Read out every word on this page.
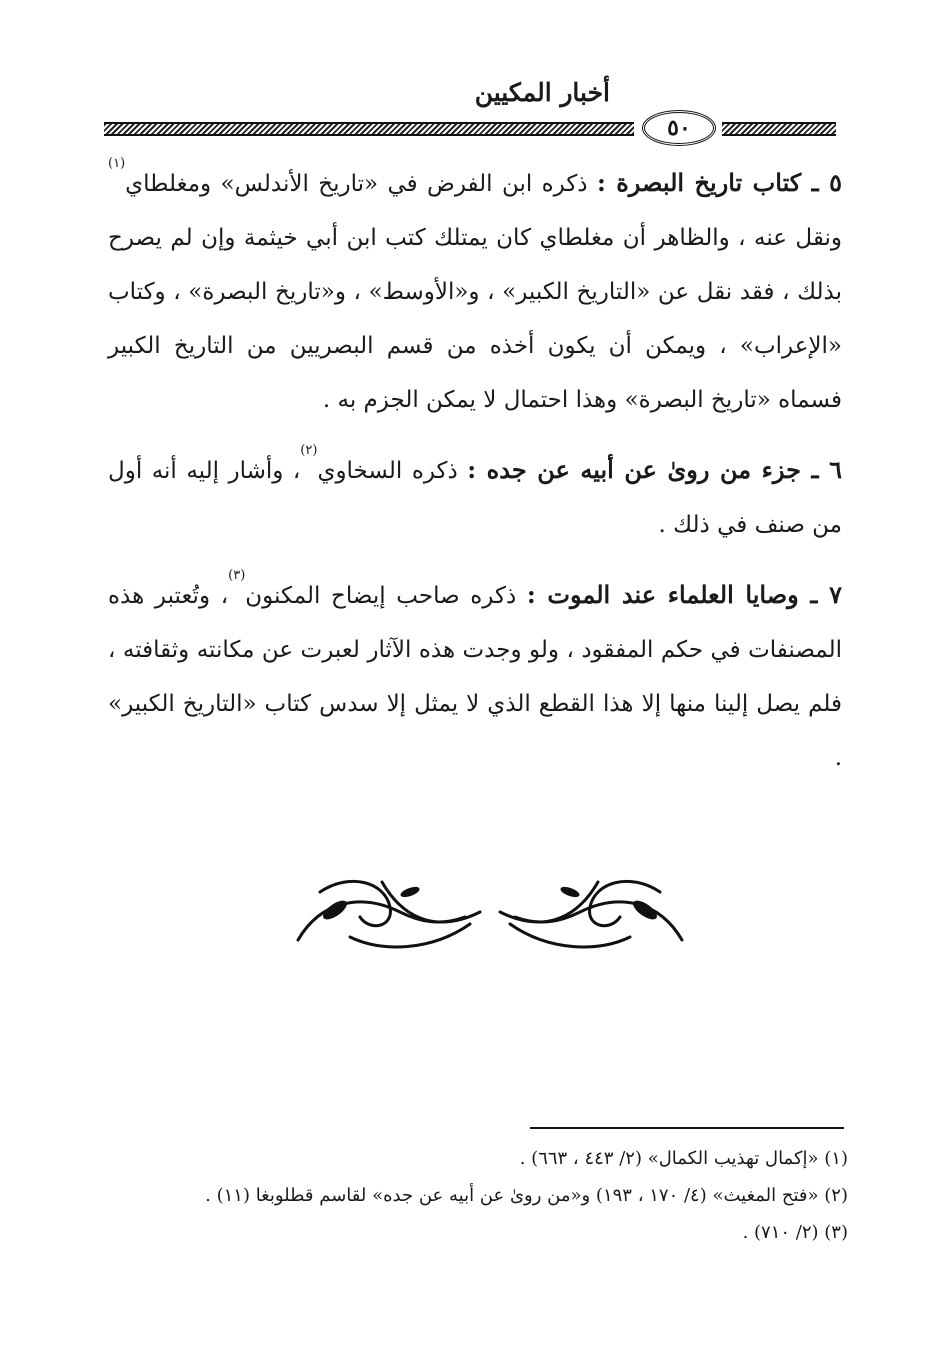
أخبار المكيين
٥٠

٥ ـ كتاب تاريخ البصرة : ذكره ابن الفرض في «تاريخ الأندلس» ومغلطاي$^{(١)}$ ونقل عنه ، والظاهر أن مغلطاي كان يمتلك كتب ابن أبي خيثمة وإن لم يصرح بذلك ، فقد نقل عن «التاريخ الكبير» ، و«الأوسط» ، و«تاريخ البصرة» ، وكتاب «الإعراب» ، ويمكن أن يكون أخذه من قسم البصريين من التاريخ الكبير فسماه «تاريخ البصرة» وهذا احتمال لا يمكن الجزم به .

٦ ـ جزء من روىٰ عن أبيه عن جده : ذكره السخاوي$^{(٢)}$، وأشار إليه أنه أول من صنف في ذلك .

٧ ـ وصايا العلماء عند الموت : ذكره صاحب إيضاح المكنون$^{(٣)}$، وتُعتبر هذه المصنفات في حكم المفقود ، ولو وجدت هذه الآثار لعبرت عن مكانته وثقافته ، فلم يصل إلينا منها إلا هذا القطع الذي لا يمثل إلا سدس كتاب «التاريخ الكبير» .

(١) «إكمال تهذيب الكمال» (٢/ ٤٤٣ ، ٦٦٣) .

(٢) «فتح المغيث» (٤/ ١٧٠ ، ١٩٣) و«من روىٰ عن أبيه عن جده» لقاسم قطلوبغا (١١) .

(٣) (٢/ ٧١٠) .
